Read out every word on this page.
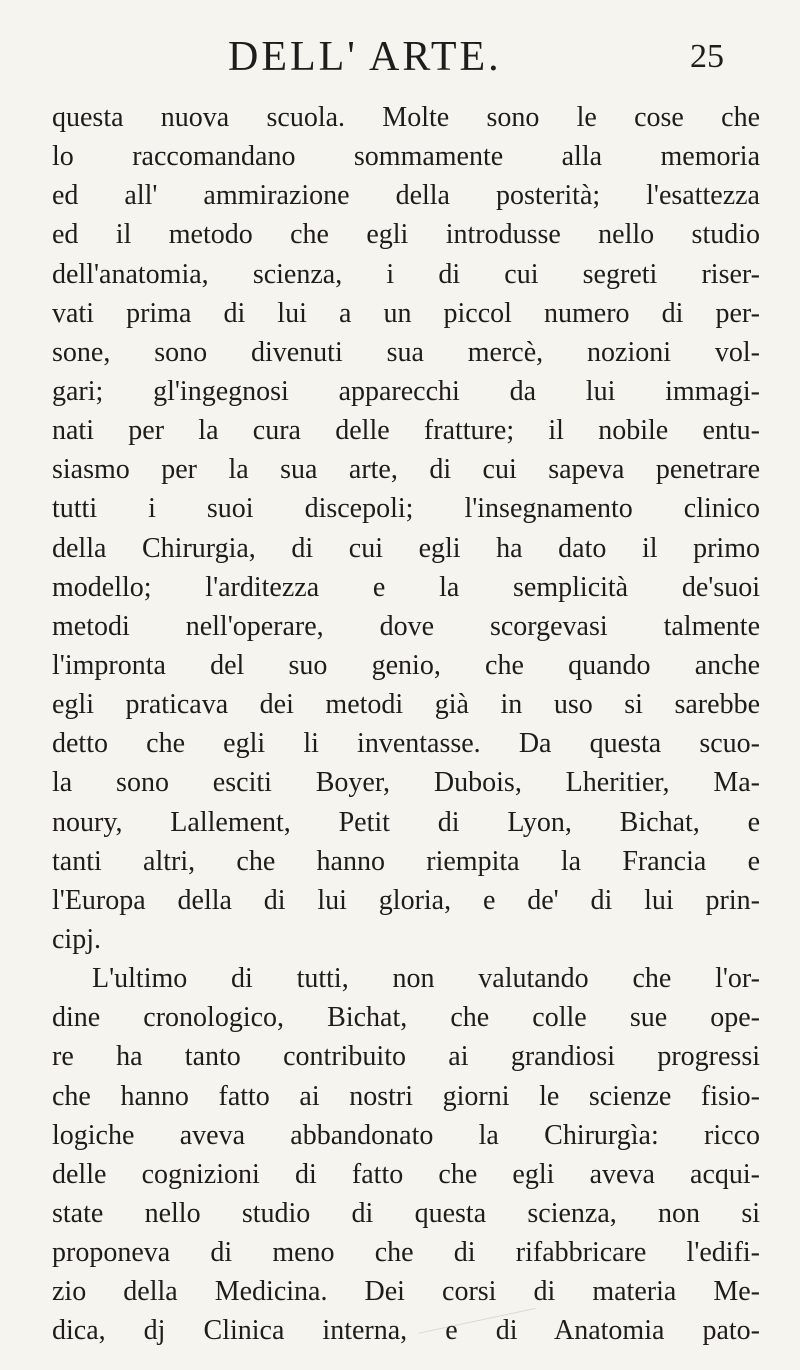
DELL' ARTE.	25
questa nuova scuola. Molte sono le cose che
lo raccomandano sommamente alla memoria
ed all' ammirazione della posterità; l'esattezza
ed il metodo che egli introdusse nello studio
dell'anatomia, scienza, i di cui segreti riser-
vati prima di lui a un piccol numero di per-
sone, sono divenuti sua mercè, nozioni vol-
gari; gl'ingegnosi apparecchi da lui immagi-
nati per la cura delle fratture; il nobile entu-
siasmo per la sua arte, di cui sapeva penetrare
tutti i suoi discepoli; l'insegnamento clinico
della Chirurgia, di cui egli ha dato il primo
modello; l'arditezza e la semplicità de'suoi
metodi nell'operare, dove scorgevasi talmente
l'impronta del suo genio, che quando anche
egli praticava dei metodi già in uso si sarebbe
detto che egli li inventasse. Da questa scuo-
la sono esciti Boyer, Dubois, Lheritier, Ma-
noury, Lallement, Petit di Lyon, Bichat, e
tanti altri, che hanno riempita la Francia e
l'Europa della di lui gloria, e de' di lui prin-
cipj.
L'ultimo di tutti, non valutando che l'or-
dine cronologico, Bichat, che colle sue ope-
re ha tanto contribuito ai grandiosi progressi
che hanno fatto ai nostri giorni le scienze fisio-
logiche aveva abbandonato la Chirurgìa: ricco
delle cognizioni di fatto che egli aveva acqui-
state nello studio di questa scienza, non si
proponeva di meno che di rifabbricare l'edifi-
zio della Medicina. Dei corsi di materia Me-
dica, dj Clinica interna, e di Anatomia pato-
